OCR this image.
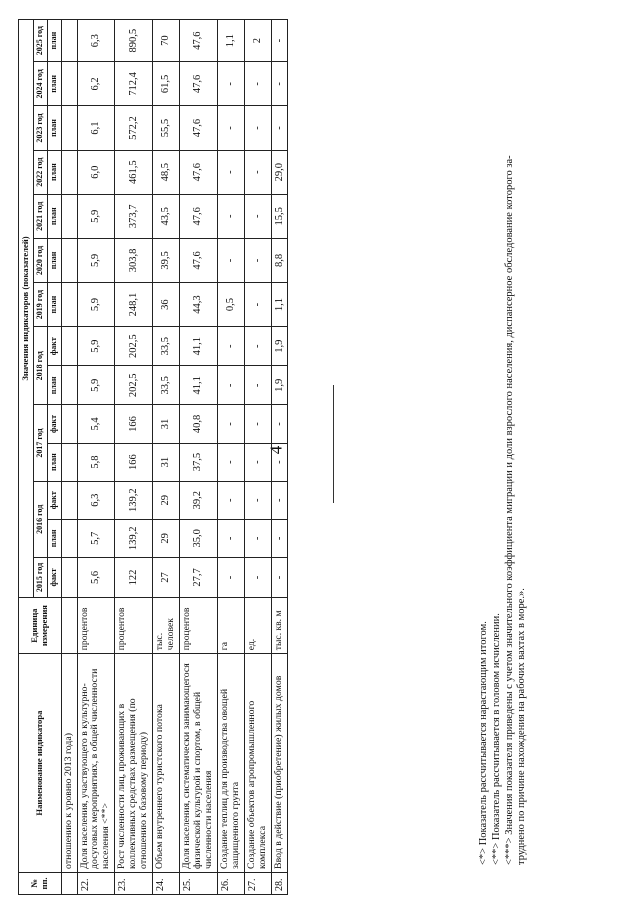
4
№ пп.	Наименование индикатора	Единица измерения	Значения индикаторов (показателей)													
			2015 год	2016 год		2017 год		2018 год		2019 год	2020 год	2021 год	2022 год	2023 год	2024 год	2025 год
			факт	план	факт	план	факт	план	факт	план	план	план	план	план	план	план
	отношению к уровню 2013 года)															
22.	Доля населения, участвующего в культурно-досуговых мероприятиях, в общей численности населения <**>	процентов	5,6	5,7	6,3	5,8	5,4	5,9	5,9	5,9	5,9	5,9	6,0	6,1	6,2	6,3
23.	Рост численности лиц, проживающих в коллективных средствах размещения (по отношению к базовому периоду)	процентов	122	139,2	139,2	166	166	202,5	202,5	248,1	303,8	373,7	461,5	572,2	712,4	890,5
24.	Объем внутреннего туристского потока	тыс. человек	27	29	29	31	31	33,5	33,5	36	39,5	43,5	48,5	55,5	61,5	70
25.	Доля населения, систематически занимающегося физической культурой и спортом, в общей численности населения	процентов	27,7	35,0	39,2	37,5	40,8	41,1	41,1	44,3	47,6	47,6	47,6	47,6	47,6	47,6
26.	Создание теплиц для производства овощей защищенного грунта	га	-	-	-	-	-	-	-	0,5	-	-	-	-	-	1,1
27.	Создание объектов агропромышленного комплекса	ед.	-	-	-	-	-	-	-	-	-	-	-	-	-	2
28.	Ввод в действие (приобретение) жилых домов	тыс. кв. м	-	-	-	-	-	1,9	1,9	1,1	8,8	15,5	29,0	-	-	-
<*> Показатель рассчитывается нарастающим итогом. <**> Показатель рассчитывается в головом исчислении. <***> Значения показателя приведены с учетом значительного коэффициента миграции и доли взрослого населения, диспансерное обследование которого за- труднено по причине нахождения на рабочих вахтах в море.».
